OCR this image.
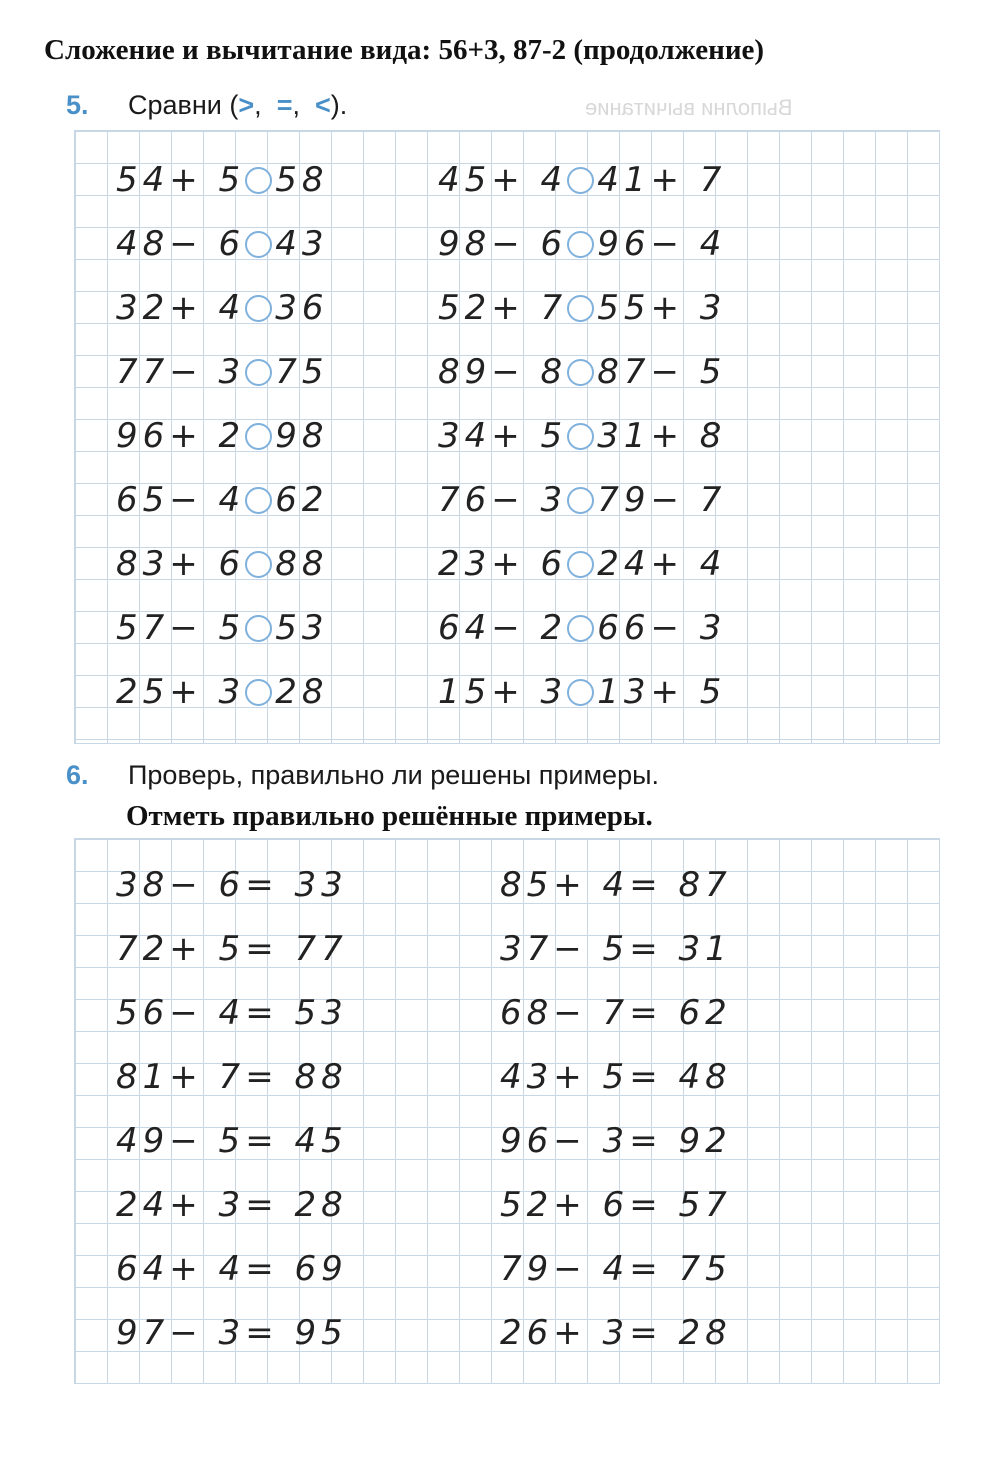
Сложение и вычитание вида: 56+3, 87-2 (продолжение)
Выполни вычитание
5. Сравни (>, =, <).
54+ 5 58
48− 6 43
32+ 4 36
77− 3 75
96+ 2 98
65− 4 62
83+ 6 88
57− 5 53
25+ 3 28
45+ 4 41+ 7
98− 6 96− 4
52+ 7 55+ 3
89− 8 87− 5
34+ 5 31+ 8
76− 3 79− 7
23+ 6 24+ 4
64− 2 66− 3
15+ 3 13+ 5
6. Проверь, правильно ли решены примеры.
Отметь правильно решённые примеры.
38− 6= 33
72+ 5= 77
56− 4= 53
81+ 7= 88
49− 5= 45
24+ 3= 28
64+ 4= 69
97− 3= 95
85+ 4= 87
37− 5= 31
68− 7= 62
43+ 5= 48
96− 3= 92
52+ 6= 57
79− 4= 75
26+ 3= 28
